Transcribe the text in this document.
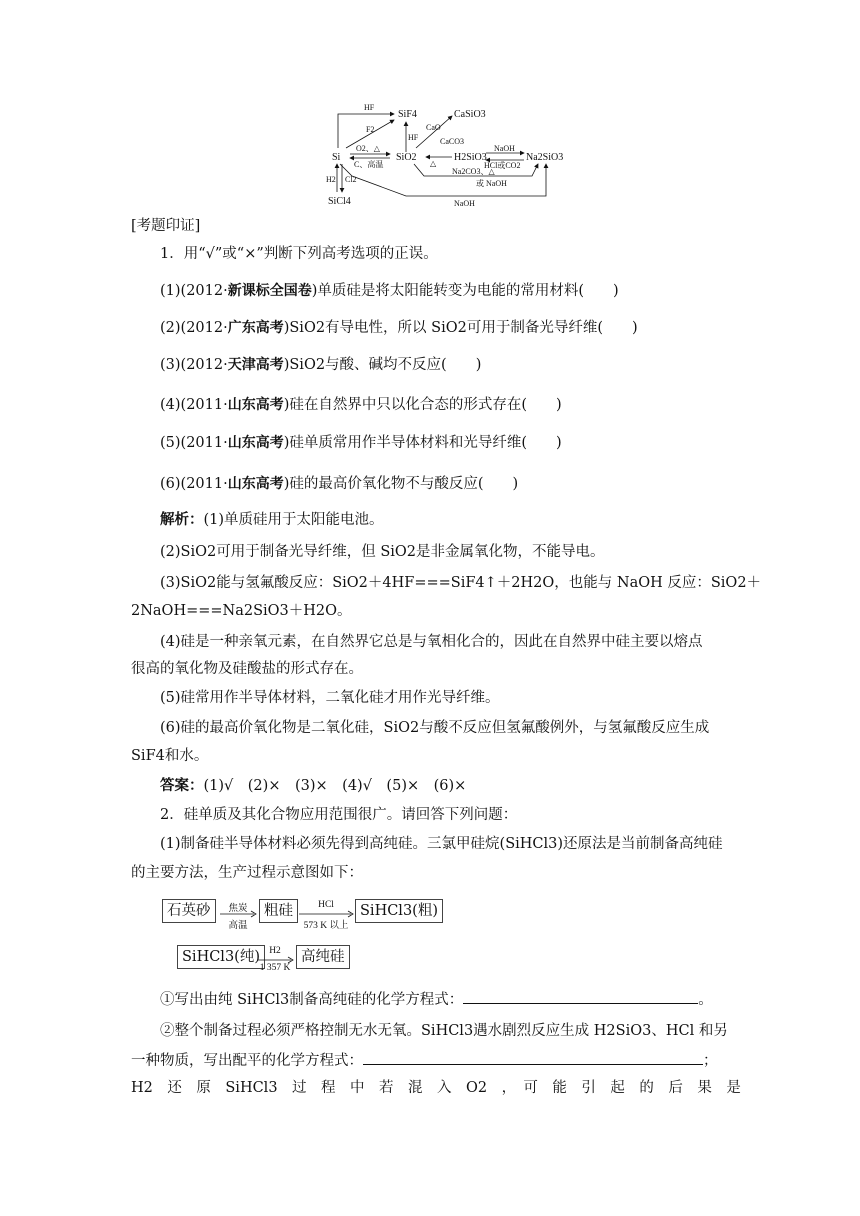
SiF4	CaSiO3
Si	SiO2	H2SiO3	Na2SiO3
SiCl4
HF
F2
HF
CaO
CaCO3
O2、△
C、高温	△
NaOH
HCl或CO2
Na2CO3、△
或 NaOH
NaOH
H2 Cl2
[考题印证]
1．用“√”或“×”判断下列高考选项的正误。
(1)(2012·新课标全国卷)单质硅是将太阳能转变为电能的常用材料(　　)
(2)(2012·广东高考)SiO2有导电性，所以 SiO2可用于制备光导纤维(　　)
(3)(2012·天津高考)SiO2与酸、碱均不反应(　　)
(4)(2011·山东高考)硅在自然界中只以化合态的形式存在(　　)
(5)(2011·山东高考)硅单质常用作半导体材料和光导纤维(　　)
(6)(2011·山东高考)硅的最高价氧化物不与酸反应(　　)
解析：(1)单质硅用于太阳能电池。
(2)SiO2可用于制备光导纤维，但 SiO2是非金属氧化物，不能导电。
(3)SiO2能与氢氟酸反应：SiO2＋4HF===SiF4↑＋2H2O，也能与 NaOH 反应：SiO2＋
2NaOH===Na2SiO3＋H2O。
(4)硅是一种亲氧元素，在自然界它总是与氧相化合的，因此在自然界中硅主要以熔点
很高的氧化物及硅酸盐的形式存在。
(5)硅常用作半导体材料，二氧化硅才用作光导纤维。
(6)硅的最高价氧化物是二氧化硅，SiO2与酸不反应但氢氟酸例外，与氢氟酸反应生成
SiF4和水。
答案：(1)√　(2)×　(3)×　(4)√　(5)×　(6)×
2．硅单质及其化合物应用范围很广。请回答下列问题：
(1)制备硅半导体材料必须先得到高纯硅。三氯甲硅烷(SiHCl3)还原法是当前制备高纯硅
的主要方法，生产过程示意图如下：
石英砂	焦炭
高温
粗硅	HCl
573 K 以上
SiHCl3(粗)
SiHCl3(纯) H2
1 357 K
高纯硅
①写出由纯 SiHCl3制备高纯硅的化学方程式：	。
②整个制备过程必须严格控制无水无氧。SiHCl3遇水剧烈反应生成 H2SiO3、HCl 和另
一种物质，写出配平的化学方程式：	；
H2　还　原　SiHCl3　过　程　中　若　混　入　O2　，　可　能　引　起　的　后　果　是
